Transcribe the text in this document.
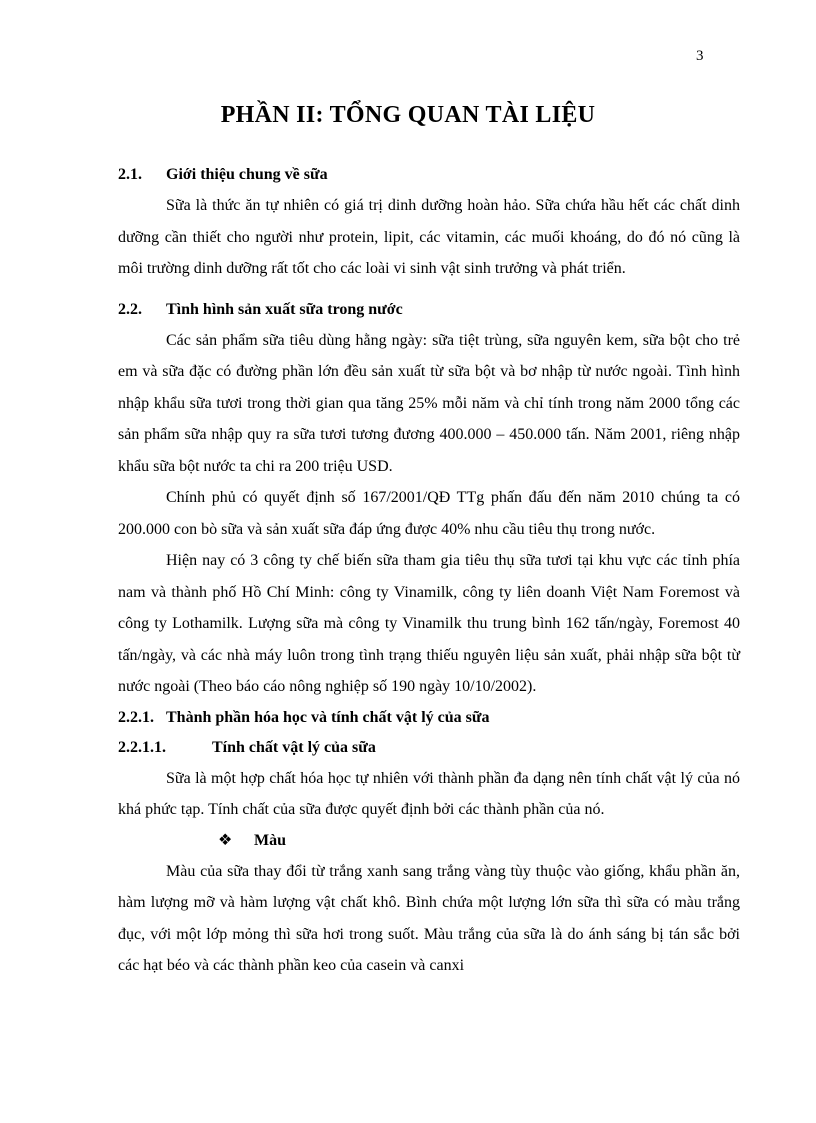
3
PHẦN II: TỔNG QUAN TÀI LIỆU
2.1. Giới thiệu chung về sữa

Sữa là thức ăn tự nhiên có giá trị dinh dưỡng hoàn hảo. Sữa chứa hầu hết các chất dinh dưỡng cần thiết cho người như protein, lipit, các vitamin, các muối khoáng, do đó nó cũng là môi trường dinh dưỡng rất tốt cho các loài vi sinh vật sinh trưởng và phát triển.

2.2. Tình hình sản xuất sữa trong nước

Các sản phẩm sữa tiêu dùng hằng ngày: sữa tiệt trùng, sữa nguyên kem, sữa bột cho trẻ em và sữa đặc có đường phần lớn đều sản xuất từ sữa bột và bơ nhập từ nước ngoài. Tình hình nhập khẩu sữa tươi trong thời gian qua tăng 25% mỗi năm và chỉ tính trong năm 2000 tổng các sản phẩm sữa nhập quy ra sữa tươi tương đương 400.000 – 450.000 tấn. Năm 2001, riêng nhập khẩu sữa bột nước ta chi ra 200 triệu USD.

Chính phủ có quyết định số 167/2001/QĐ TTg phấn đấu đến năm 2010 chúng ta có 200.000 con bò sữa và sản xuất sữa đáp ứng được 40% nhu cầu tiêu thụ trong nước.

Hiện nay có 3 công ty chế biến sữa tham gia tiêu thụ sữa tươi tại khu vực các tỉnh phía nam và thành phố Hồ Chí Minh: công ty Vinamilk, công ty liên doanh Việt Nam Foremost và công ty Lothamilk. Lượng sữa mà công ty Vinamilk thu trung bình 162 tấn/ngày, Foremost 40 tấn/ngày, và các nhà máy luôn trong tình trạng thiếu nguyên liệu sản xuất, phải nhập sữa bột từ nước ngoài (Theo báo cáo nông nghiệp số 190 ngày 10/10/2002).

2.2.1. Thành phần hóa học và tính chất vật lý của sữa
2.2.1.1.	Tính chất vật lý của sữa

Sữa là một hợp chất hóa học tự nhiên với thành phần đa dạng nên tính chất vật lý của nó khá phức tạp. Tính chất của sữa được quyết định bởi các thành phần của nó.

❖ Màu

Màu của sữa thay đổi từ trắng xanh sang trắng vàng tùy thuộc vào giống, khẩu phần ăn, hàm lượng mỡ và hàm lượng vật chất khô. Bình chứa một lượng lớn sữa thì sữa có màu trắng đục, với một lớp mỏng thì sữa hơi trong suốt. Màu trắng của sữa là do ánh sáng bị tán sắc bởi các hạt béo và các thành phần keo của casein và canxi
